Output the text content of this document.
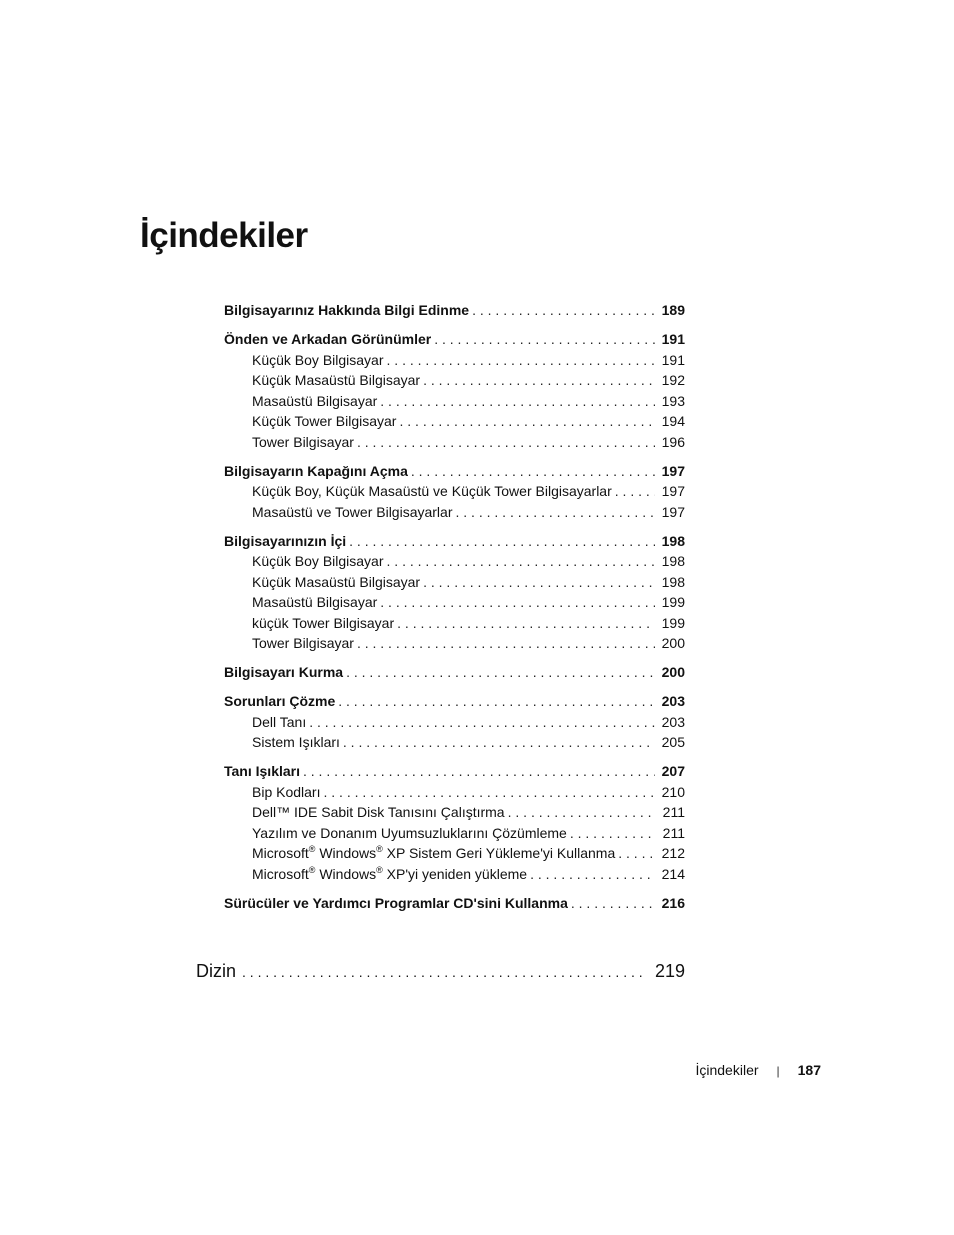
İçindekiler
Bilgisayarınız Hakkında Bilgi Edinme . . .	189
Önden ve Arkadan Görünümler . . .	191
Küçük Boy Bilgisayar . . .	191
Küçük Masaüstü Bilgisayar . . .	192
Masaüstü Bilgisayar . . .	193
Küçük Tower Bilgisayar . . .	194
Tower Bilgisayar . . .	196
Bilgisayarın Kapağını Açma . . .	197
Küçük Boy, Küçük Masaüstü ve Küçük Tower Bilgisayarlar . . .	197
Masaüstü ve Tower Bilgisayarlar . . .	197
Bilgisayarınızın İçi . . .	198
Küçük Boy Bilgisayar . . .	198
Küçük Masaüstü Bilgisayar . . .	198
Masaüstü Bilgisayar . . .	199
küçük Tower Bilgisayar . . .	199
Tower Bilgisayar . . .	200
Bilgisayarı Kurma . . .	200
Sorunları Çözme . . .	203
Dell Tanı . . .	203
Sistem Işıkları . . .	205
Tanı Işıkları . . .	207
Bip Kodları . . .	210
Dell™ IDE Sabit Disk Tanısını Çalıştırma . . .	211
Yazılım ve Donanım Uyumsuzluklarını Çözümleme . . .	211
Microsoft® Windows® XP Sistem Geri Yükleme'yi Kullanma . . .	212
Microsoft® Windows® XP'yi yeniden yükleme . . .	214
Sürücüler ve Yardımcı Programlar CD'sini Kullanma . . .	216
Dizin . . .	219
İçindekiler | 187
